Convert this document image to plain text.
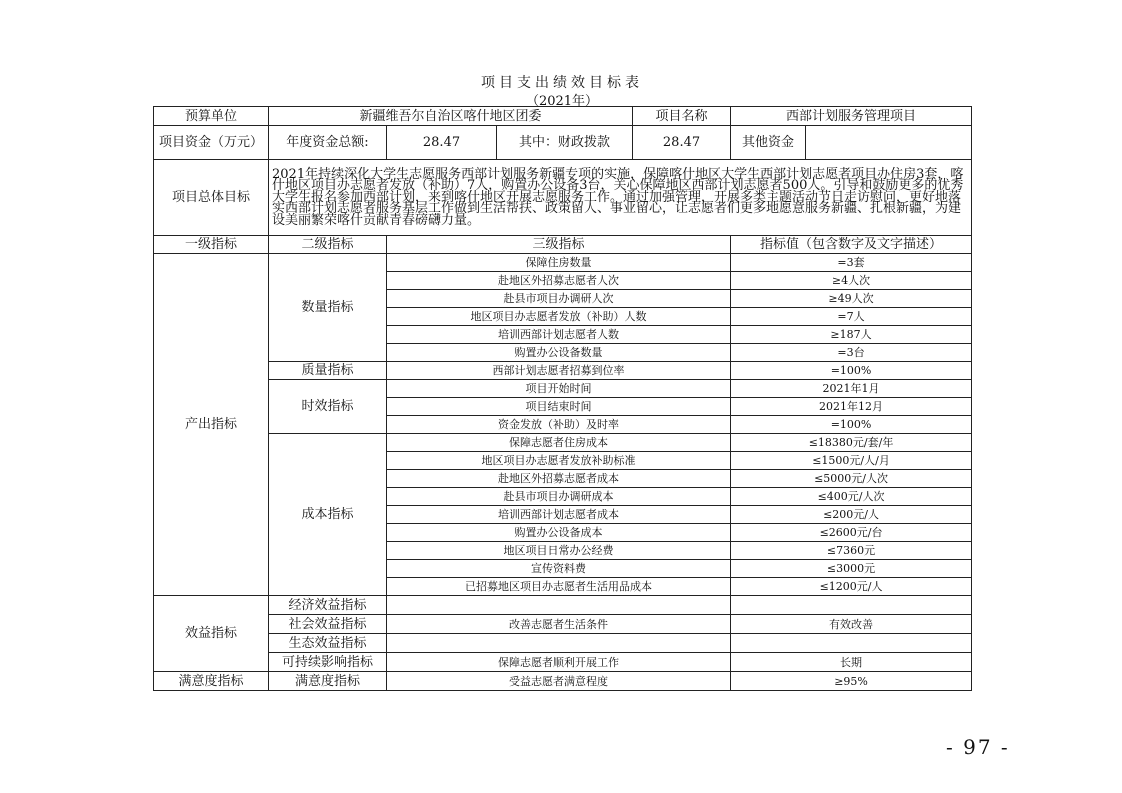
项目支出绩效目标表
（2021年）
预算单位	新疆维吾尔自治区喀什地区团委			项目名称	西部计划服务管理项目	
项目资金（万元）	年度资金总额:	28.47	其中：财政拨款	28.47	其他资金	
项目总体目标	2021年持续深化大学生志愿服务西部计划服务新疆专项的实施，保障喀什地区大学生西部计划志愿者项目办住房3套，喀什地区项目办志愿者发放（补助）7人，购置办公设备3台，关心保障地区西部计划志愿者500人。引导和鼓励更多的优秀大学生报名参加西部计划，来到喀什地区开展志愿服务工作。通过加强管理，开展多类主题活动节日走访慰问，更好地落实西部计划志愿者服务基层工作做到生活帮扶、政策留人、事业留心，让志愿者们更多地愿意服务新疆、扎根新疆，为建设美丽繁荣喀什贡献青春磅礴力量。					
一级指标	二级指标	三级指标			指标值（包含数字及文字描述）	
产出指标	数量指标	保障住房数量			=3套	
		赴地区外招募志愿者人次			≥4人次	
		赴县市项目办调研人次			≥49人次	
		地区项目办志愿者发放（补助）人数			=7人	
		培训西部计划志愿者人数			≥187人	
		购置办公设备数量			=3台	
	质量指标	西部计划志愿者招募到位率			=100%	
	时效指标	项目开始时间			2021年1月	
		项目结束时间			2021年12月	
		资金发放（补助）及时率			=100%	
	成本指标	保障志愿者住房成本			≤18380元/套/年	
		地区项目办志愿者发放补助标准			≤1500元/人/月	
		赴地区外招募志愿者成本			≤5000元/人次	
		赴县市项目办调研成本			≤400元/人次	
		培训西部计划志愿者成本			≤200元/人	
		购置办公设备成本			≤2600元/台	
		地区项目日常办公经费			≤7360元	
		宣传资料费			≤3000元	
		已招募地区项目办志愿者生活用品成本			≤1200元/人	
效益指标	经济效益指标					
	社会效益指标	改善志愿者生活条件			有效改善	
	生态效益指标					
	可持续影响指标	保障志愿者顺利开展工作			长期	
满意度指标	满意度指标	受益志愿者满意程度			≥95%	
- 97 -
